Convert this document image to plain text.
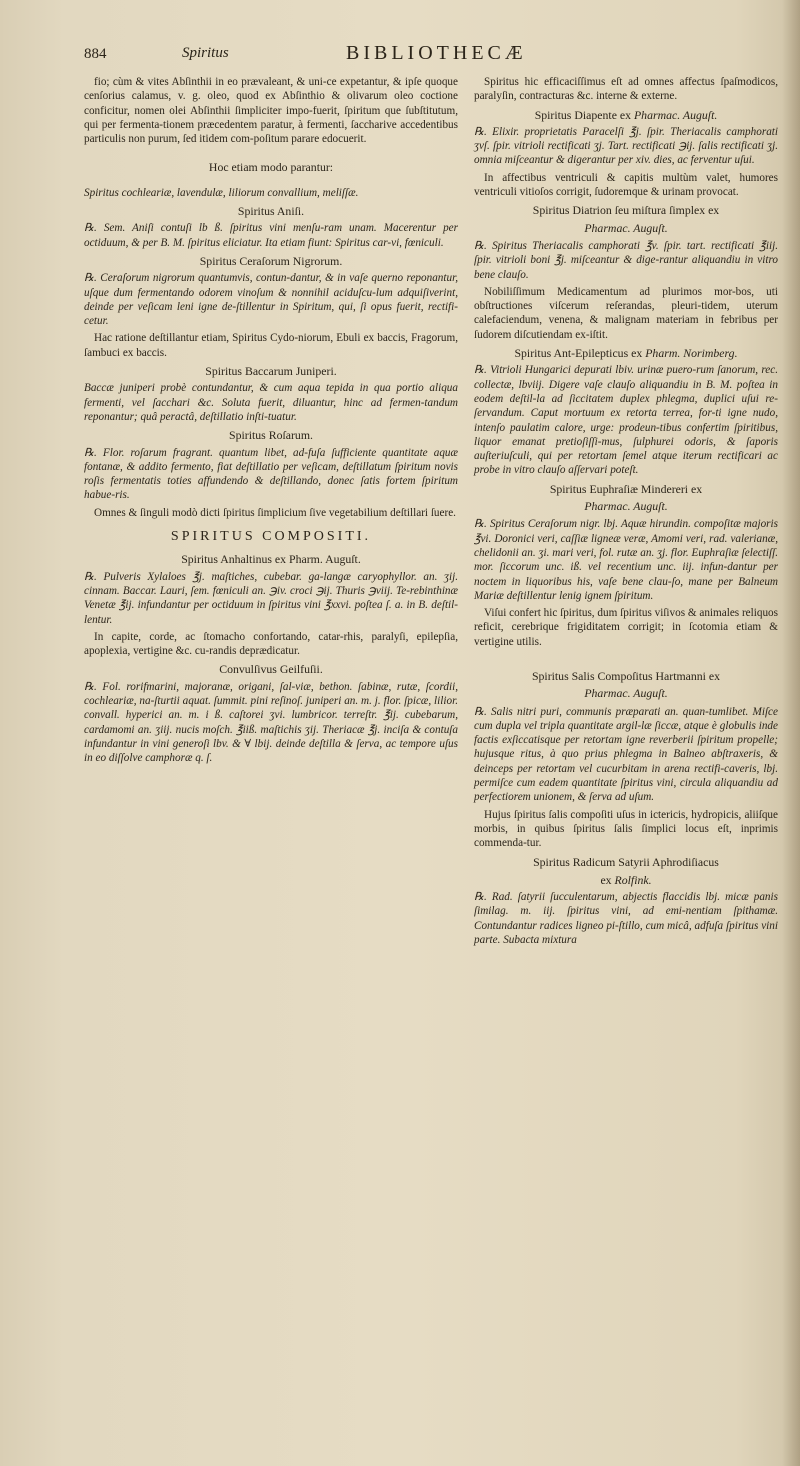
884	Spiritus	BIBLIOTHECÆ

fio; cùm & vites Abſinthii in eo prævaleant, & uni-ce expetantur, & ipſe quoque cenſorius calamus, v. g. oleo, quod ex Abſinthio & olivarum oleo coctione conficitur, nomen olei Abſinthii ſimpliciter impo-fuerit, ſpiritum que ſubſtitutum, qui per fermenta-tionem præcedentem paratur, à fermenti, ſaccharive accedentibus particulis non purum, ſed itidem com-poſitum parare edocuerit.

Hoc etiam modo parantur:

Spiritus cochleariæ, lavendulæ, liliorum convallium, meliſſæ.

Spiritus Aniſi.

℞. Sem. Aniſi contuſi lb ß. ſpiritus vini menſu-ram unam. Macerentur per octiduum, & per B. M. ſpiritus eliciatur. Ita etiam fiunt: Spiritus car-vi, fœniculi.

Spiritus Ceraſorum Nigrorum.

℞. Ceraſorum nigrorum quantumvis, contun-dantur, & in vaſe querno reponantur, uſque dum fermentando odorem vinoſum & nonnihil aciduſcu-lum adquiſiverint, deinde per veſicam leni igne de-ſtillentur in Spiritum, qui, ſi opus fuerit, rectifi-cetur.

Hac ratione deſtillantur etiam, Spiritus Cydo-niorum, Ebuli ex baccis, Fragorum, ſambuci ex baccis.

Spiritus Baccarum Juniperi.

Baccæ juniperi probè contundantur, & cum aqua tepida in qua portio aliqua fermenti, vel ſacchari &c. Soluta fuerit, diluantur, hinc ad fermen-tandum reponantur; quâ peractâ, deſtillatio inſti-tuatur.

Spiritus Roſarum.

℞. Flor. roſarum fragrant. quantum libet, ad-fuſa ſufficiente quantitate aquæ fontanæ, & addito fermento, fiat deſtillatio per veſicam, deſtillatum ſpiritum novis roſis fermentatis toties affundendo & deſtillando, donec ſatis fortem ſpiritum habue-ris.

Omnes & ſinguli modò dicti ſpiritus ſimplicium ſive vegetabilium deſtillari ſuere.

SPIRITUS COMPOSITI.
Spiritus Anhaltinus ex Pharm. Auguſt.

℞. Pulveris Xylaloes ℥j. maſtiches, cubebar. ga-langæ caryophyllor. an. ʒij. cinnam. Baccar. Lauri, ſem. fœniculi an. ℈iv. croci ℈ij. Thuris ℈viij. Te-rebinthinæ Venetæ ℥ij. infundantur per octiduum in ſpiritus vini ℥xxvi. poſtea ſ. a. in B. deſtil-lentur.

In capite, corde, ac ſtomacho confortando, catar-rhis, paralyſi, epilepſia, apoplexia, vertigine &c. cu-randis deprædicatur.

Convulſivus Geilfuſii.

℞. Fol. rorifmarini, majoranæ, origani, ſal-viæ, bethon. ſabinæ, rutæ, ſcordii, cochleariæ, na-ſturtii aquat. ſummit. pini reſinoſ. juniperi an. m. j. flor. ſpicæ, lilior. convall. hyperici an. m. i ß. caſtorei ʒvi. lumbricor. terreſtr. ℥ij. cubebarum, cardamomi an. ʒiij. nucis moſch. ℥iiß. maſtichis ʒij. Theriacæ ℥j. inciſa & contuſa infundantur in vini generoſi lbv. & ∀ lbij. deinde deſtilla & ſerva, ac tempore uſus in eo diſſolve camphoræ q. ſ.

Spiritus hic efficaciſſimus eſt ad omnes affectus ſpaſmodicos, paralyſin, contracturas &c. interne & externe.

Spiritus Diapente ex Pharmac. Auguſt.

℞. Elixir. proprietatis Paracelſi ℥j. ſpir. Theriacalis camphorati ʒvſ. ſpir. vitrioli rectificati ʒj. Tart. rectificati ℈ij. ſalis rectificati ʒj. omnia miſceantur & digerantur per xiv. dies, ac ferventur uſui.

In affectibus ventriculi & capitis multùm valet, humores ventriculi vitioſos corrigit, ſudoremque & urinam provocat.

Spiritus Diatrion ſeu miſtura ſimplex ex
Pharmac. Auguſt.

℞. Spiritus Theriacalis camphorati ℥v. ſpir. tart. rectificati ℥iij. ſpir. vitrioli boni ℥j. miſceantur & dige-rantur aliquandiu in vitro bene clauſo.

Nobiliſſimum Medicamentum ad plurimos mor-bos, uti obſtructiones viſcerum reſerandas, pleuri-tidem, uterum calefaciendum, venena, & malignam materiam in febribus per ſudorem diſcutiendam ex-iſtit.

Spiritus Ant-Epilepticus ex Pharm. Norimberg.

℞. Vitrioli Hungarici depurati lbiv. urinæ puero-rum ſanorum, rec. collectæ, lbviij. Digere vaſe clauſo aliquandiu in B. M. poſtea in eodem deſtil-la ad ſiccitatem duplex phlegma, duplici uſui re-ſervandum. Caput mortuum ex retorta terrea, for-ti igne nudo, intenſo paulatim calore, urge: prodeun-tibus confertim ſpiritibus, liquor emanat pretioſiſſi-mus, ſulphurei odoris, & ſaporis auſteriuſculi, qui per retortam ſemel atque iterum rectificari ac probe in vitro clauſo aſſervari poteſt.

Spiritus Euphraſiæ Mindereri ex
Pharmac. Auguſt.

℞. Spiritus Ceraſorum nigr. lbj. Aquæ hirundin. compoſitæ majoris ℥vi. Doronici veri, caſſiæ ligneæ veræ, Amomi veri, rad. valerianæ, chelidonii an. ʒi. mari veri, fol. rutæ an. ʒj. flor. Euphraſiæ ſelectiſſ. mor. ſiccorum unc. iß. vel recentium unc. iij. infun-dantur per noctem in liquoribus his, vaſe bene clau-ſo, mane per Balneum Mariæ deſtillentur lenig ignem ſpiritum.

Viſui confert hic ſpiritus, dum ſpiritus viſivos & animales reliquos reficit, cerebrique frigiditatem corrigit; in ſcotomia etiam & vertigine utilis.

Spiritus Salis Compoſitus Hartmanni ex
Pharmac. Auguſt.

℞. Salis nitri puri, communis præparati an. quan-tumlibet. Miſce cum dupla vel tripla quantitate argil-læ ſiccæ, atque è globulis inde factis exſiccatisque per retortam igne reverberii ſpiritum propelle; hujusque ritus, à quo prius phlegma in Balneo abſtraxeris, & deinceps per retortam vel cucurbitam in arena rectifi-caveris, lbj. permiſce cum eadem quantitate ſpiritus vini, circula aliquandiu ad perfectiorem unionem, & ſerva ad uſum.

Hujus ſpiritus ſalis compoſiti uſus in ictericis, hydropicis, aliiſque morbis, in quibus ſpiritus ſalis ſimplici locus eſt, inprimis commenda-tur.

Spiritus Radicum Satyrii Aphrodiſiacus
ex Rolfink.

℞. Rad. ſatyrii ſucculentarum, abjectis flaccidis lbj. micæ panis ſimilag. m. iij. ſpiritus vini, ad emi-nentiam ſpithamæ. Contundantur radices ligneo pi-ſtillo, cum micâ, adfuſa ſpiritus vini parte. Subacta mixtura
